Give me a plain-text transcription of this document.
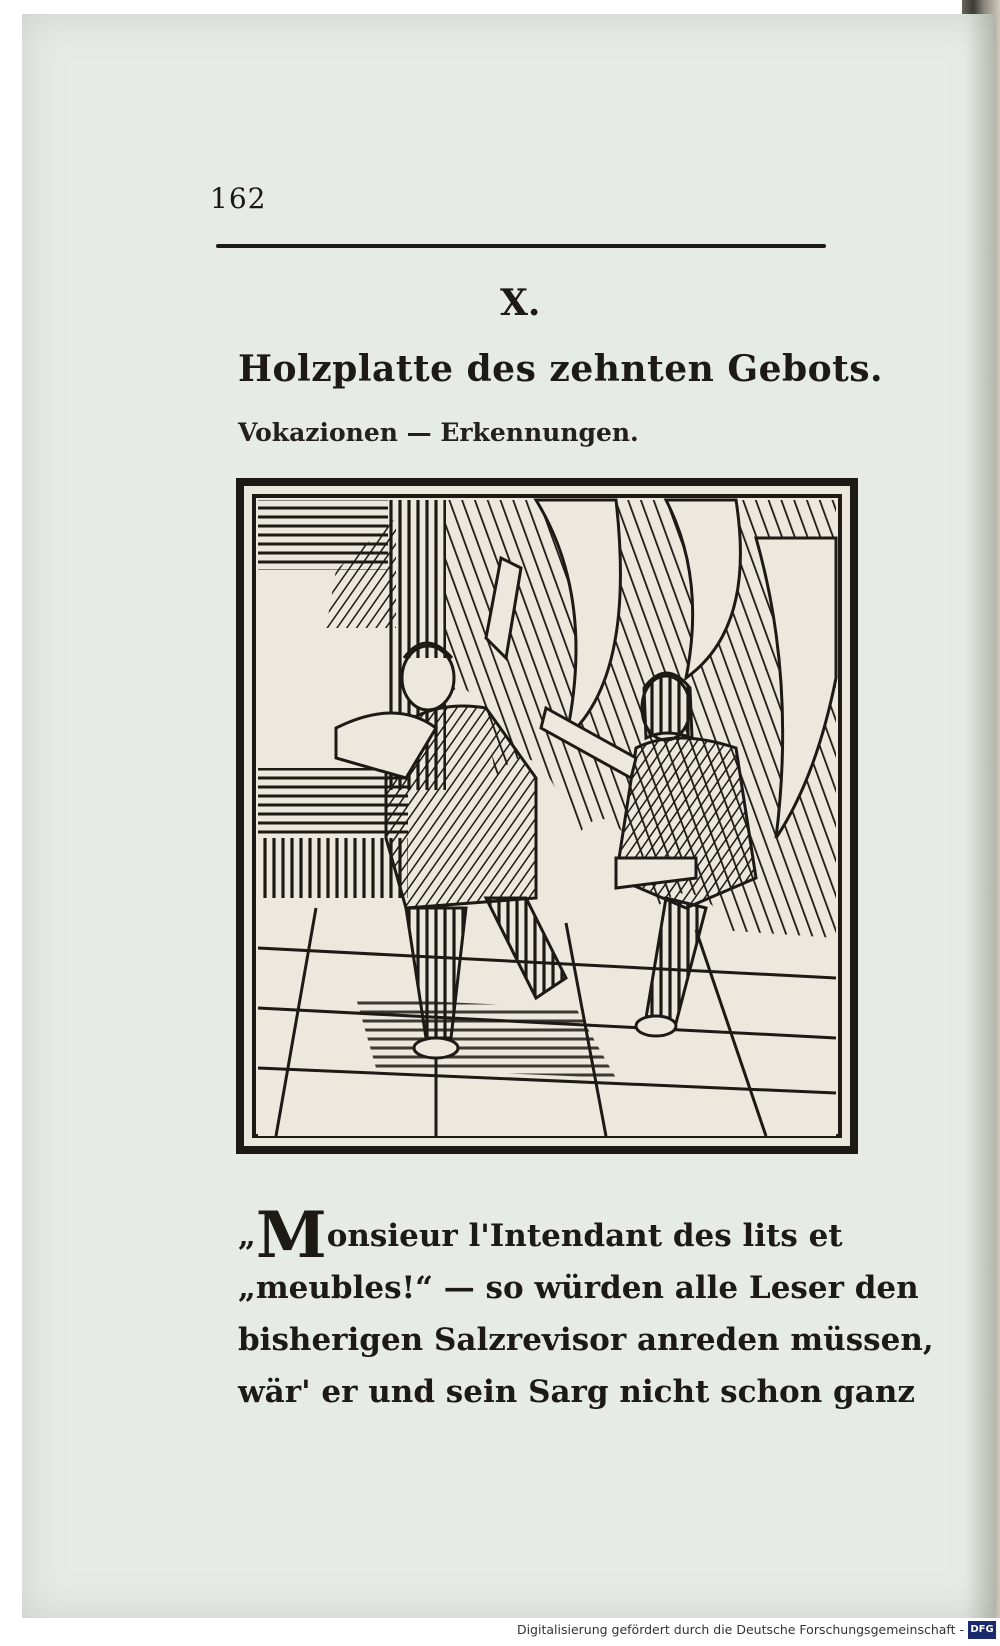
162
X.
Holzplatte des zehnten Gebots.
Vokazionen — Erkennungen.
„Monsieur l'Intendant des lits et
„meubles!“ — so würden alle Leser den
bisherigen Salzrevisor anreden müssen,
wär' er und sein Sarg nicht schon ganz
Digitalisierung gefördert durch die Deutsche Forschungsgemeinschaft - DFG
